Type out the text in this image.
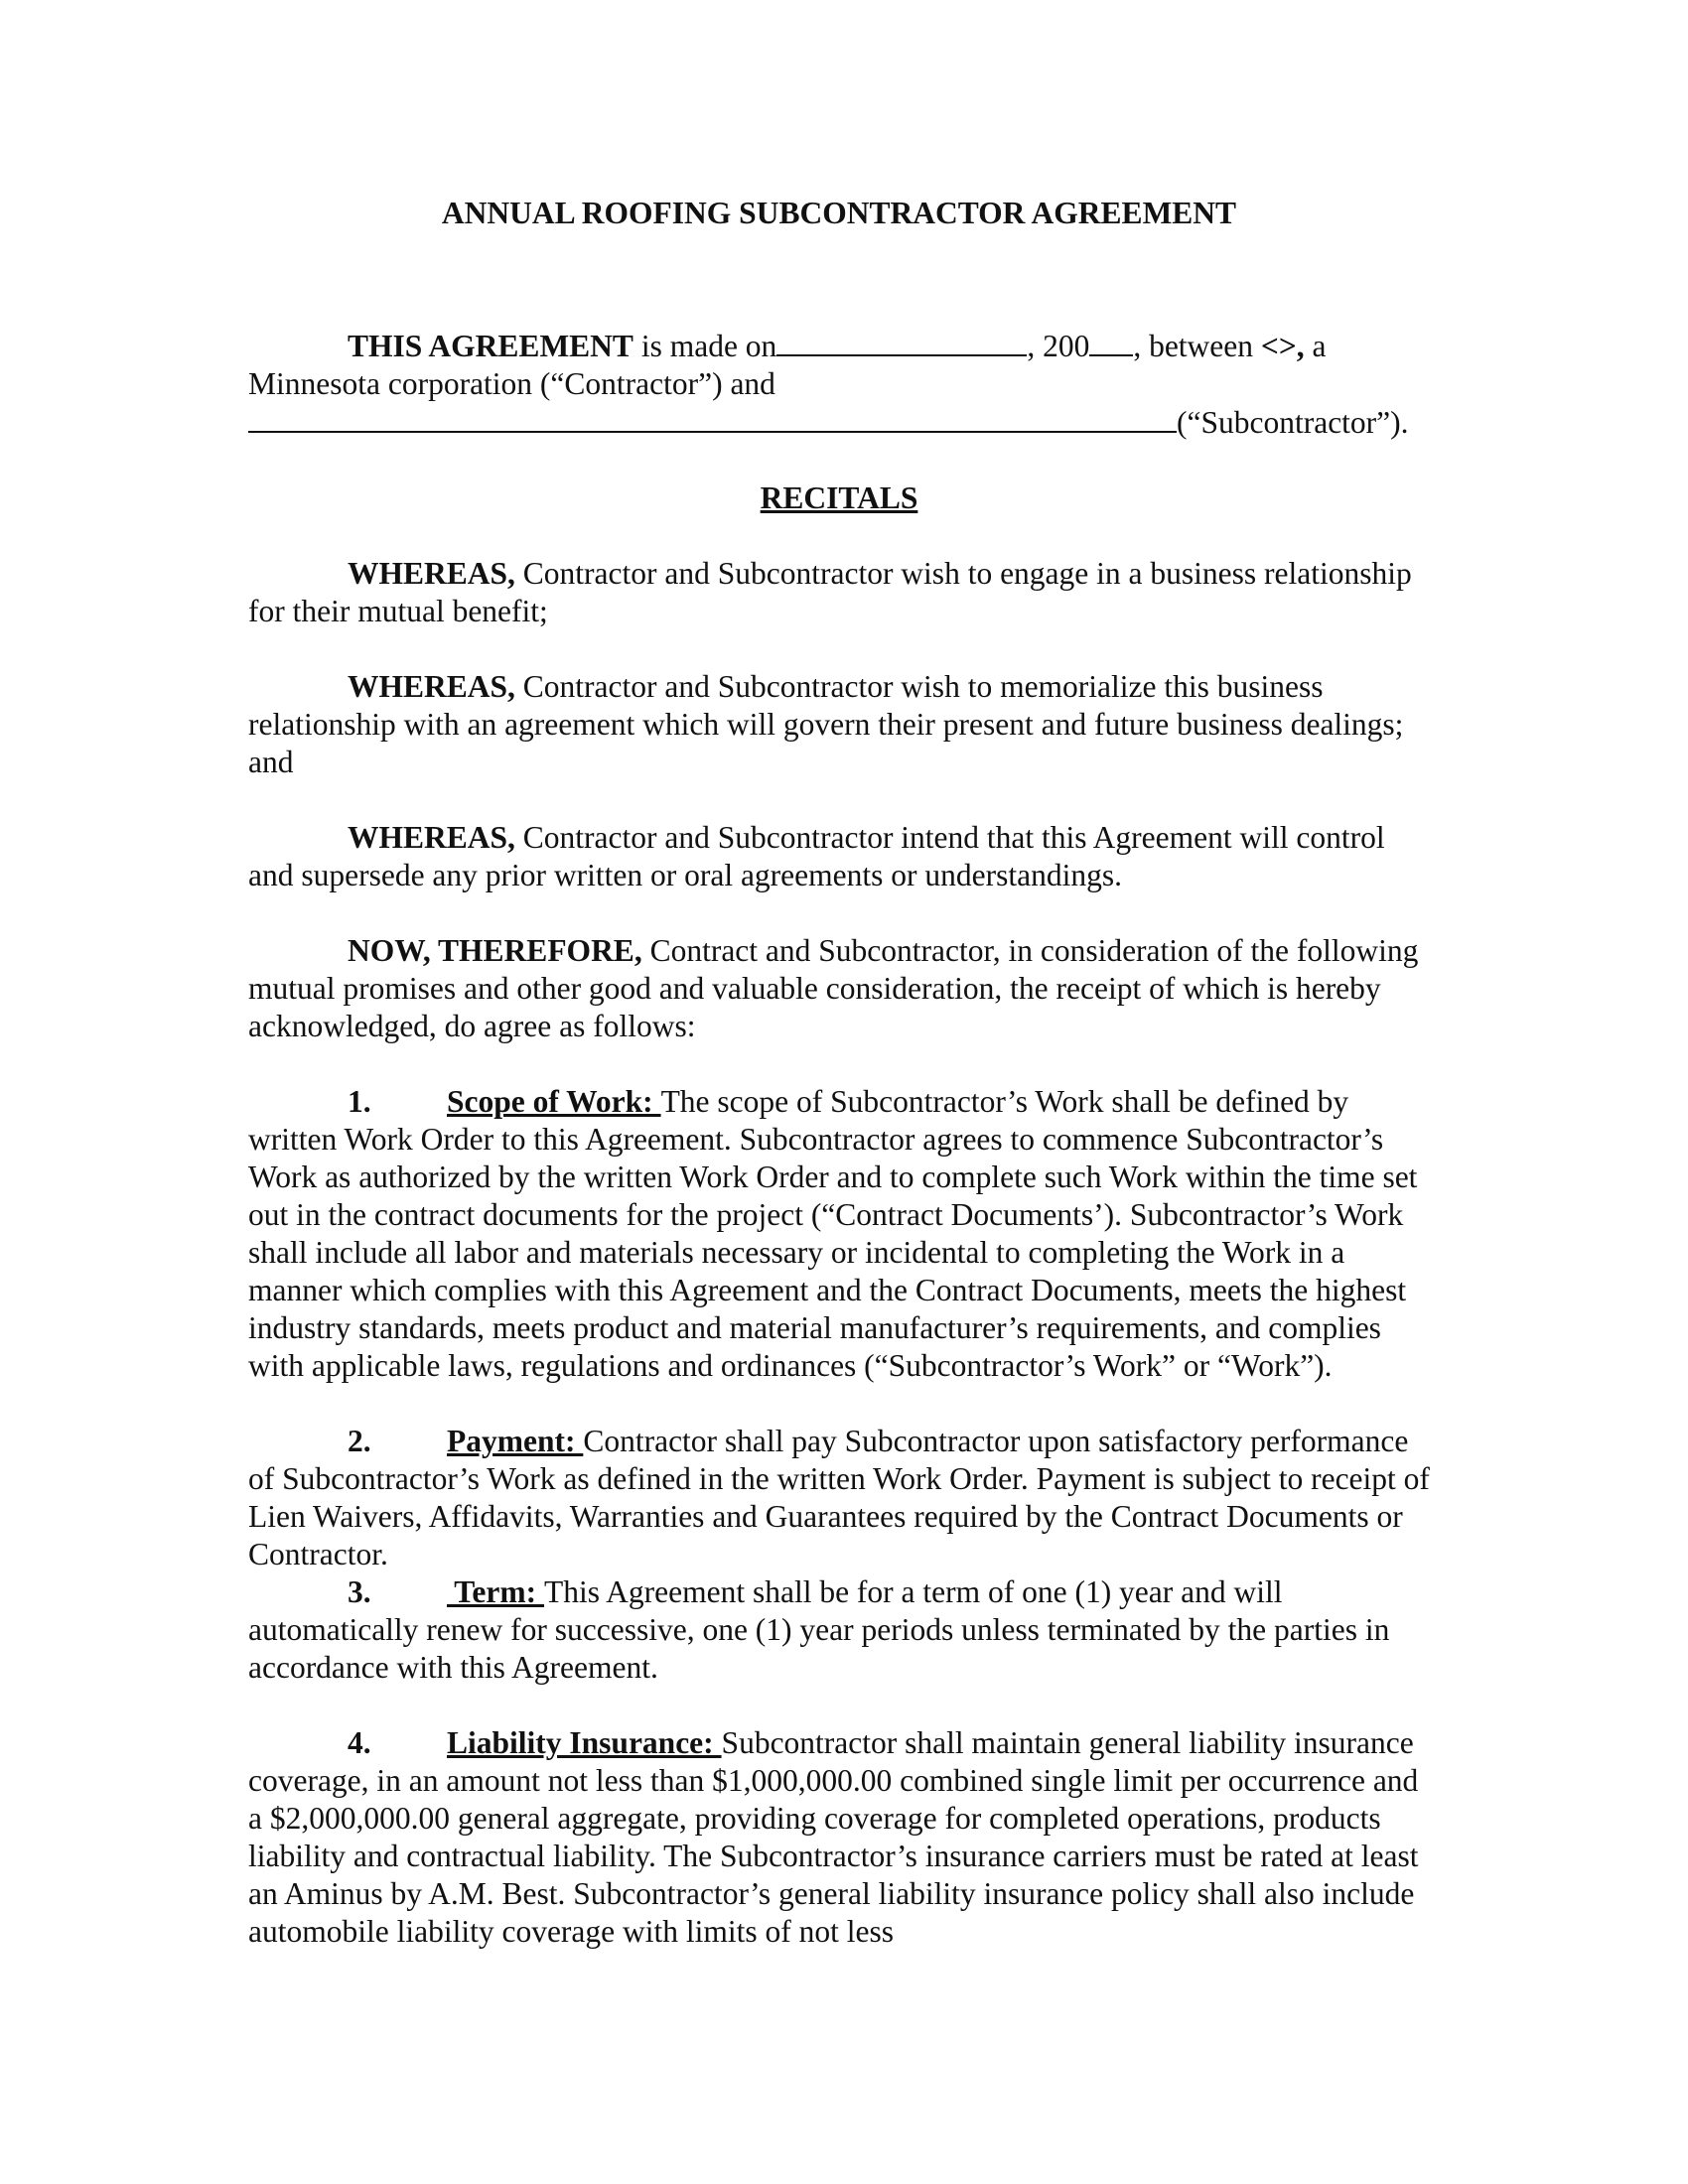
ANNUAL ROOFING SUBCONTRACTOR AGREEMENT

THIS AGREEMENT is made on	, 200 , between <>, a Minnesota corporation (“Contractor”) and
(“Subcontractor”).

RECITALS

WHEREAS, Contractor and Subcontractor wish to engage in a business relationship for their mutual benefit;

WHEREAS, Contractor and Subcontractor wish to memorialize this business relationship with an agreement which will govern their present and future business dealings; and

WHEREAS, Contractor and Subcontractor intend that this Agreement will control and supersede any prior written or oral agreements or understandings.

NOW, THEREFORE, Contract and Subcontractor, in consideration of the following mutual promises and other good and valuable consideration, the receipt of which is hereby acknowledged, do agree as follows:

1. Scope of Work: The scope of Subcontractor’s Work shall be defined by written Work Order to this Agreement. Subcontractor agrees to commence Subcontractor’s Work as authorized by the written Work Order and to complete such Work within the time set out in the contract documents for the project (“Contract Documents’). Subcontractor’s Work shall include all labor and materials necessary or incidental to completing the Work in a manner which complies with this Agreement and the Contract Documents, meets the highest industry standards, meets product and material manufacturer’s requirements, and complies with applicable laws, regulations and ordinances (“Subcontractor’s Work” or “Work”).

2. Payment: Contractor shall pay Subcontractor upon satisfactory performance of Subcontractor’s Work as defined in the written Work Order. Payment is subject to receipt of Lien Waivers, Affidavits, Warranties and Guarantees required by the Contract Documents or Contractor.

3. Term: This Agreement shall be for a term of one (1) year and will automatically renew for successive, one (1) year periods unless terminated by the parties in accordance with this Agreement.

4. Liability Insurance: Subcontractor shall maintain general liability insurance coverage, in an amount not less than $1,000,000.00 combined single limit per occurrence and a $2,000,000.00 general aggregate, providing coverage for completed operations, products liability and contractual liability. The Subcontractor’s insurance carriers must be rated at least an Aminus by A.M. Best. Subcontractor’s general liability insurance policy shall also include automobile liability coverage with limits of not less
